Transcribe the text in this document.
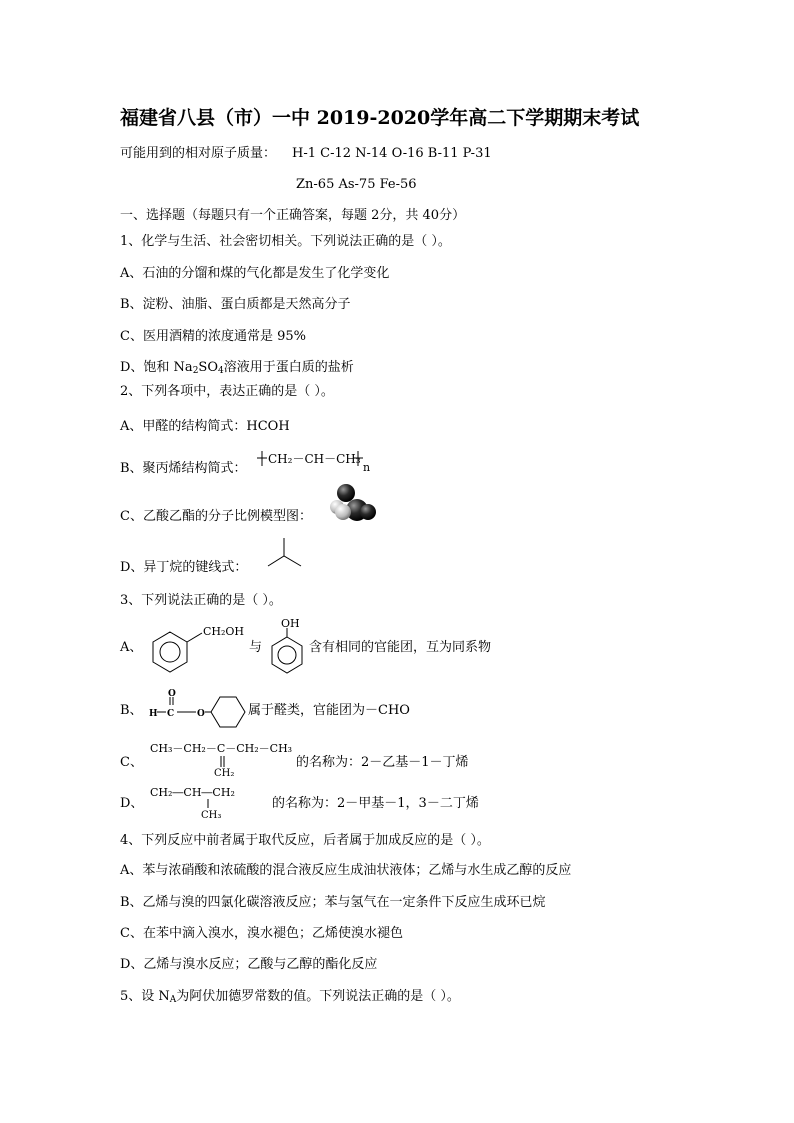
福建省八县（市）一中 2019-2020学年高二下学期期末考试
可能用到的相对原子质量： H-1 C-12 N-14 O-16 B-11 P-31
Zn-65 As-75 Fe-56
一、选择题（每题只有一个正确答案，每题 2分，共 40分）
1、化学与生活、社会密切相关。下列说法正确的是（ ）。
A、石油的分馏和煤的气化都是发生了化学变化
B、淀粉、油脂、蛋白质都是天然高分子
C、医用酒精的浓度通常是 95%
D、饱和 $Na_2SO_4$溶液用于蛋白质的盐析
2、下列各项中，表达正确的是（ ）。
A、甲醛的结构简式：HCOH
B、聚丙烯结构简式：
CH₂－CH－CH₃
n
C、乙酸乙酯的分子比例模型图：
D、异丁烷的键线式：
3、下列说法正确的是（ ）。
A、
CH₂OH
与
OH
含有相同的官能团，互为同系物
B、
O
H C	O	属于醛类，官能团为－CHO
C、
CH₃－CH₂－C－CH₂－CH₃
CH₂
的名称为：2－乙基－1－丁烯
D、
CH₂―CH―CH₂
CH₃
的名称为：2－甲基－1，3－二丁烯
4、下列反应中前者属于取代反应，后者属于加成反应的是（ ）。
A、苯与浓硝酸和浓硫酸的混合液反应生成油状液体；乙烯与水生成乙醇的反应
B、乙烯与溴的四氯化碳溶液反应；苯与氢气在一定条件下反应生成环已烷
C、在苯中滴入溴水，溴水褪色；乙烯使溴水褪色
D、乙烯与溴水反应；乙酸与乙醇的酯化反应
5、设 $N_A$为阿伏加德罗常数的值。下列说法正确的是（ ）。
